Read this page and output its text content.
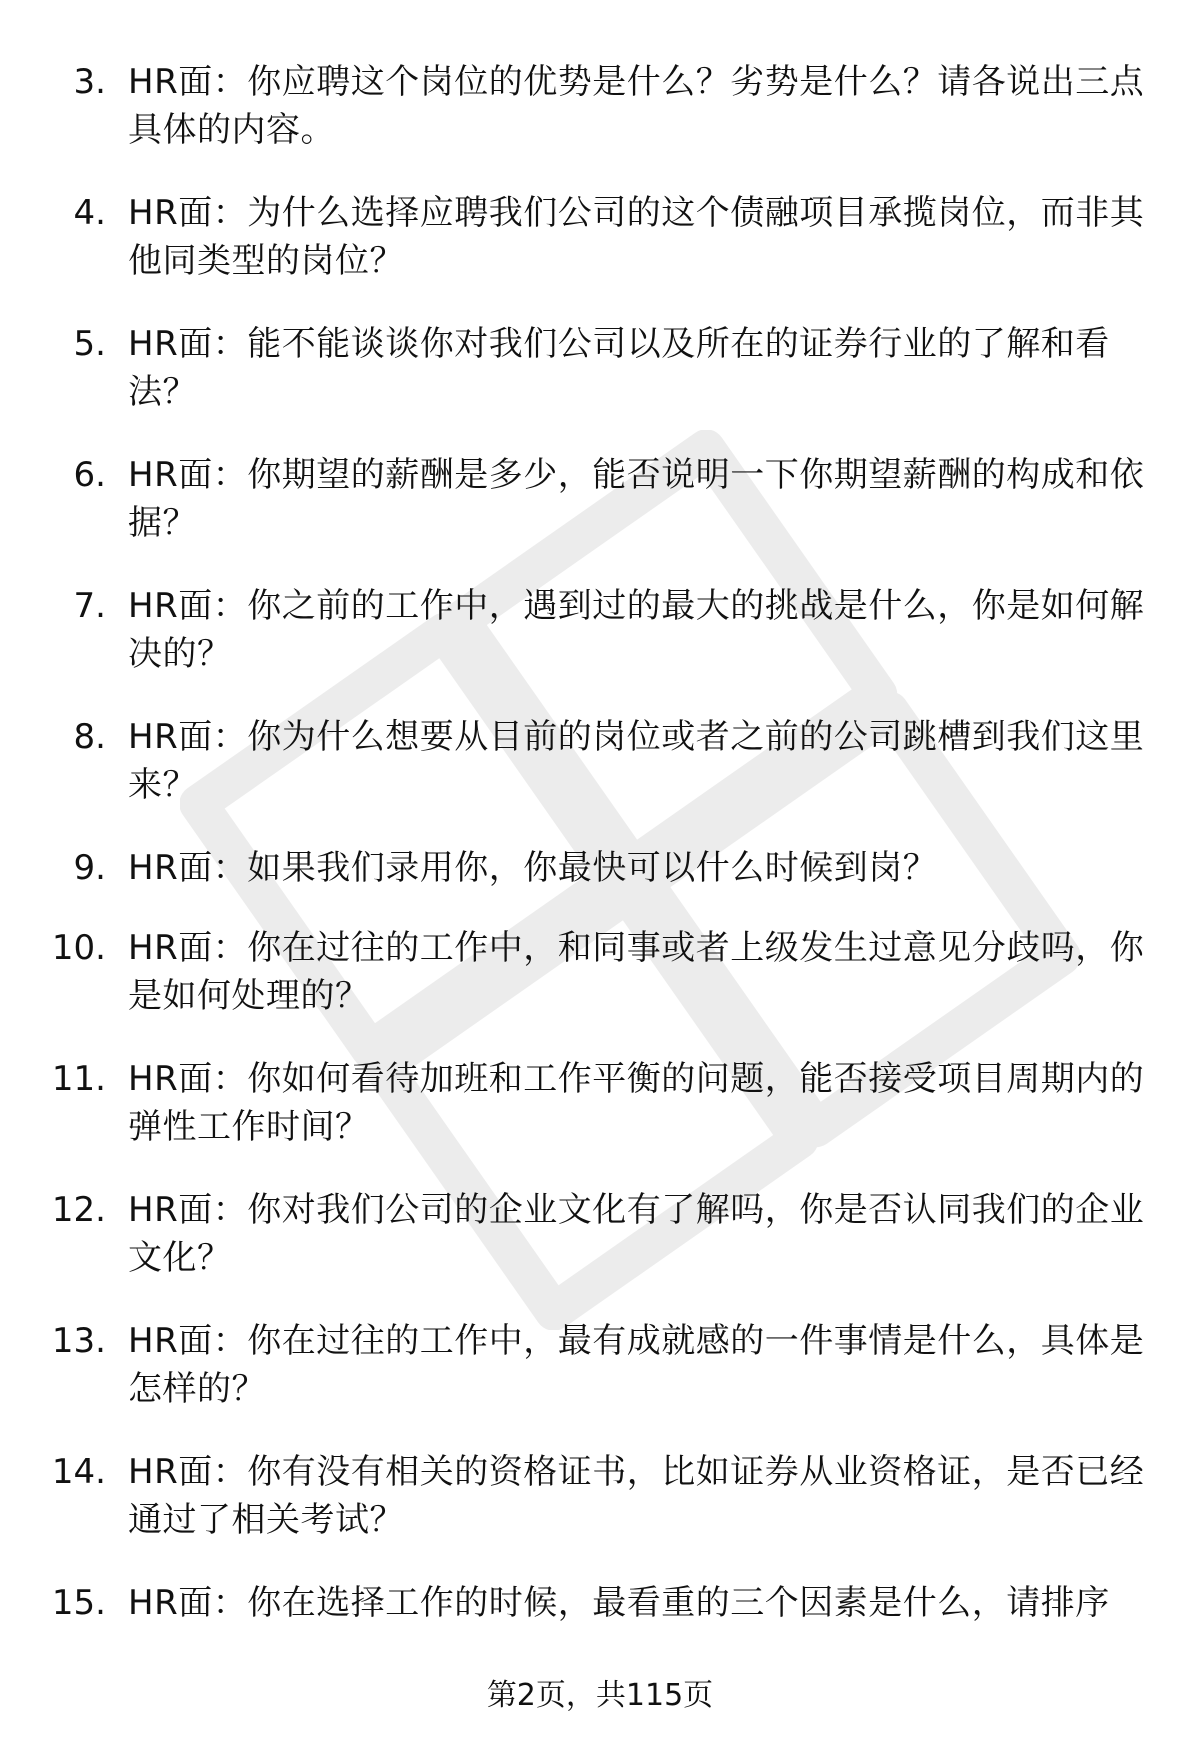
3. HR面：你应聘这个岗位的优势是什么？劣势是什么？请各说出三点具体的内容。
4. HR面：为什么选择应聘我们公司的这个债融项目承揽岗位，而非其他同类型的岗位？
5. HR面：能不能谈谈你对我们公司以及所在的证券行业的了解和看法？
6. HR面：你期望的薪酬是多少，能否说明一下你期望薪酬的构成和依据？
7. HR面：你之前的工作中，遇到过的最大的挑战是什么，你是如何解决的？
8. HR面：你为什么想要从目前的岗位或者之前的公司跳槽到我们这里来？
9. HR面：如果我们录用你，你最快可以什么时候到岗？
10. HR面：你在过往的工作中，和同事或者上级发生过意见分歧吗，你是如何处理的？
11. HR面：你如何看待加班和工作平衡的问题，能否接受项目周期内的弹性工作时间？
12. HR面：你对我们公司的企业文化有了解吗，你是否认同我们的企业文化？
13. HR面：你在过往的工作中，最有成就感的一件事情是什么，具体是怎样的？
14. HR面：你有没有相关的资格证书，比如证券从业资格证，是否已经通过了相关考试？
15. HR面：你在选择工作的时候，最看重的三个因素是什么，请排序
第2页，共115页
